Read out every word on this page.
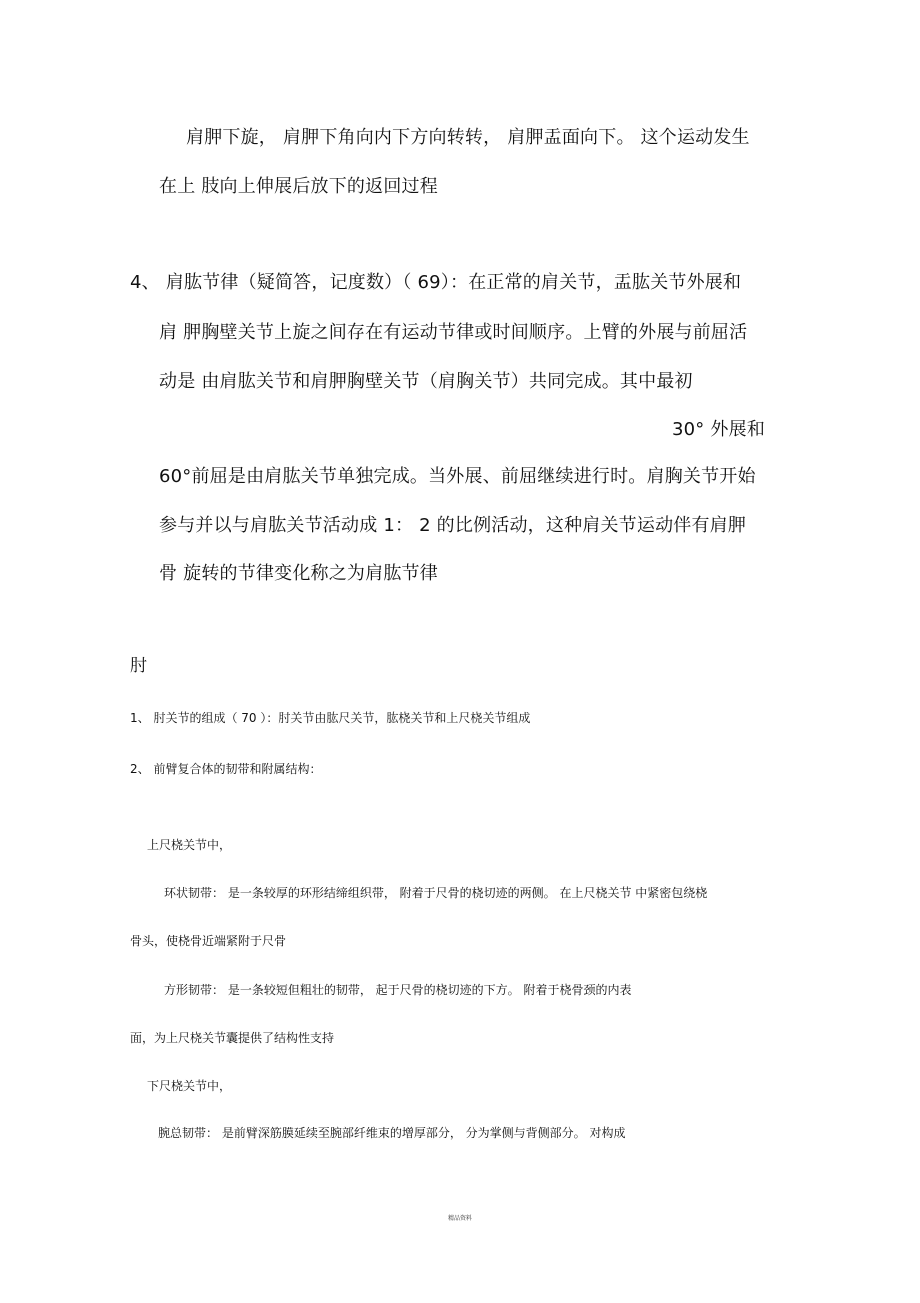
肩胛下旋， 肩胛下角向内下方向转转， 肩胛盂面向下。 这个运动发生
在上 肢向上伸展后放下的返回过程
4、 肩肱节律（疑简答，记度数）（ 69）：在正常的肩关节，盂肱关节外展和
肩 胛胸壁关节上旋之间存在有运动节律或时间顺序。上臂的外展与前屈活
动是 由肩肱关节和肩胛胸壁关节（肩胸关节）共同完成。其中最初
30° 外展和
60°前屈是由肩肱关节单独完成。当外展、前屈继续进行时。肩胸关节开始
参与并以与肩肱关节活动成 1： 2 的比例活动，这种肩关节运动伴有肩胛
骨 旋转的节律变化称之为肩肱节律
肘
1、 肘关节的组成（ 70 ）：肘关节由肱尺关节，肱桡关节和上尺桡关节组成
2、 前臂复合体的韧带和附属结构：
上尺桡关节中，
环状韧带： 是一条较厚的环形结缔组织带， 附着于尺骨的桡切迹的两侧。 在上尺桡关节 中紧密包绕桡
骨头，使桡骨近端紧附于尺骨
方形韧带： 是一条较短但粗壮的韧带， 起于尺骨的桡切迹的下方。 附着于桡骨颈的内表
面，为上尺桡关节囊提供了结构性支持
下尺桡关节中，
腕总韧带： 是前臂深筋膜延续至腕部纤维束的增厚部分， 分为掌侧与背侧部分。 对构成
精品资料
